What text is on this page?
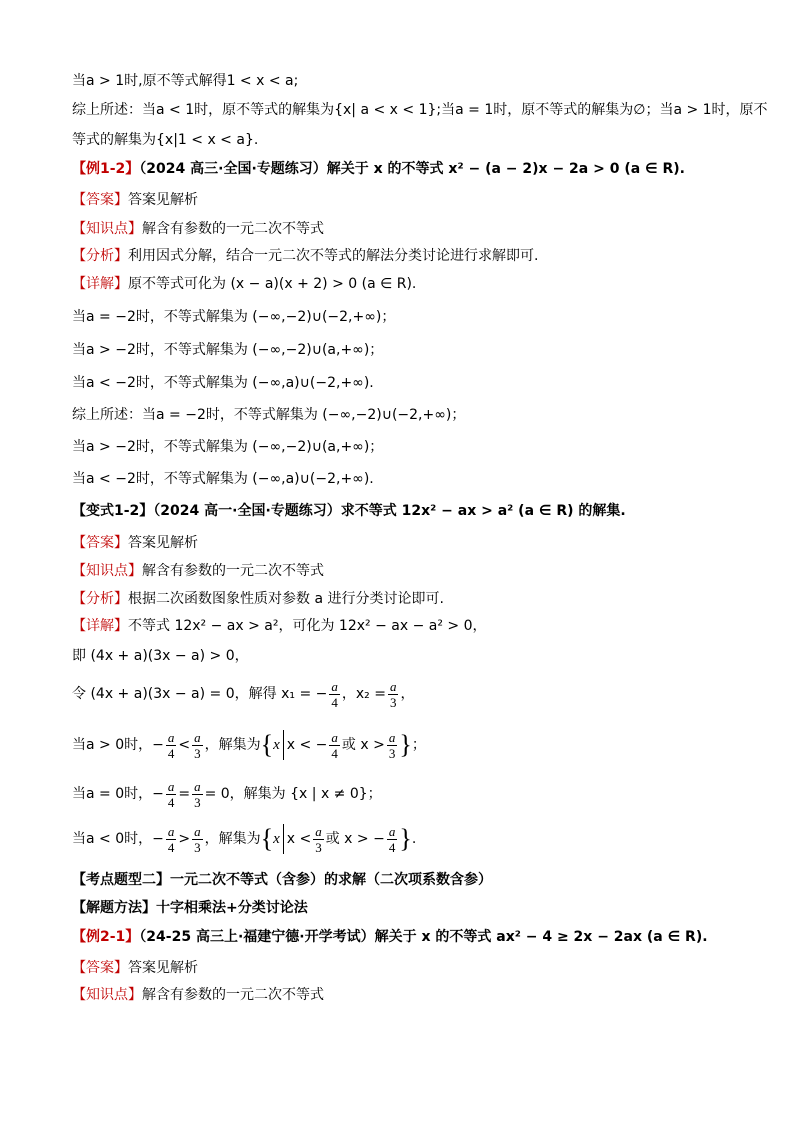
当a > 1时,原不等式解得1 < x < a;
综上所述：当a < 1时，原不等式的解集为{x| a < x < 1};当a = 1时，原不等式的解集为∅；当a > 1时，原不
等式的解集为{x|1 < x < a}.
【例1-2】（2024 高三·全国·专题练习）解关于 x 的不等式 x² − (a − 2)x − 2a > 0 (a ∈ R).
【答案】答案见解析
【知识点】解含有参数的一元二次不等式
【分析】利用因式分解，结合一元二次不等式的解法分类讨论进行求解即可.
【详解】原不等式可化为 (x − a)(x + 2) > 0 (a ∈ R).
当a = −2时，不等式解集为 (−∞,−2)∪(−2,+∞)；
当a > −2时，不等式解集为 (−∞,−2)∪(a,+∞)；
当a < −2时，不等式解集为 (−∞,a)∪(−2,+∞).
综上所述：当a = −2时，不等式解集为 (−∞,−2)∪(−2,+∞)；
当a > −2时，不等式解集为 (−∞,−2)∪(a,+∞)；
当a < −2时，不等式解集为 (−∞,a)∪(−2,+∞).
【变式1-2】（2024 高一·全国·专题练习）求不等式 12x² − ax > a² (a ∈ R) 的解集.
【答案】答案见解析
【知识点】解含有参数的一元二次不等式
【分析】根据二次函数图象性质对参数 a 进行分类讨论即可.
【详解】不等式 12x² − ax > a²，可化为 12x² − ax − a² > 0，
即 (4x + a)(3x − a) > 0，
令 (4x + a)(3x − a) = 0，解得 x₁ = − $\frac{a}{4}$ ，$x_2 = \frac{a}{3}$ ，
当a > 0时，− $\frac{a}{4} < \frac{a}{3}$ ，解集为{x x < − $\frac{a}{4}$ 或 $x > \frac{a}{3}$ }；
当a = 0时，− $\frac{a}{4} = \frac{a}{3} = 0$，解集为 {x | x ≠ 0}；
当a < 0时，− $\frac{a}{4} > \frac{a}{3}$ ，解集为{x $x < \frac{a}{3}$ 或 x > − $\frac{a}{4}$ }.
【考点题型二】一元二次不等式（含参）的求解（二次项系数含参）
【解题方法】十字相乘法+分类讨论法
【例2-1】（24-25 高三上·福建宁德·开学考试）解关于 x 的不等式 ax² − 4 ≥ 2x − 2ax (a ∈ R).
【答案】答案见解析
【知识点】解含有参数的一元二次不等式
